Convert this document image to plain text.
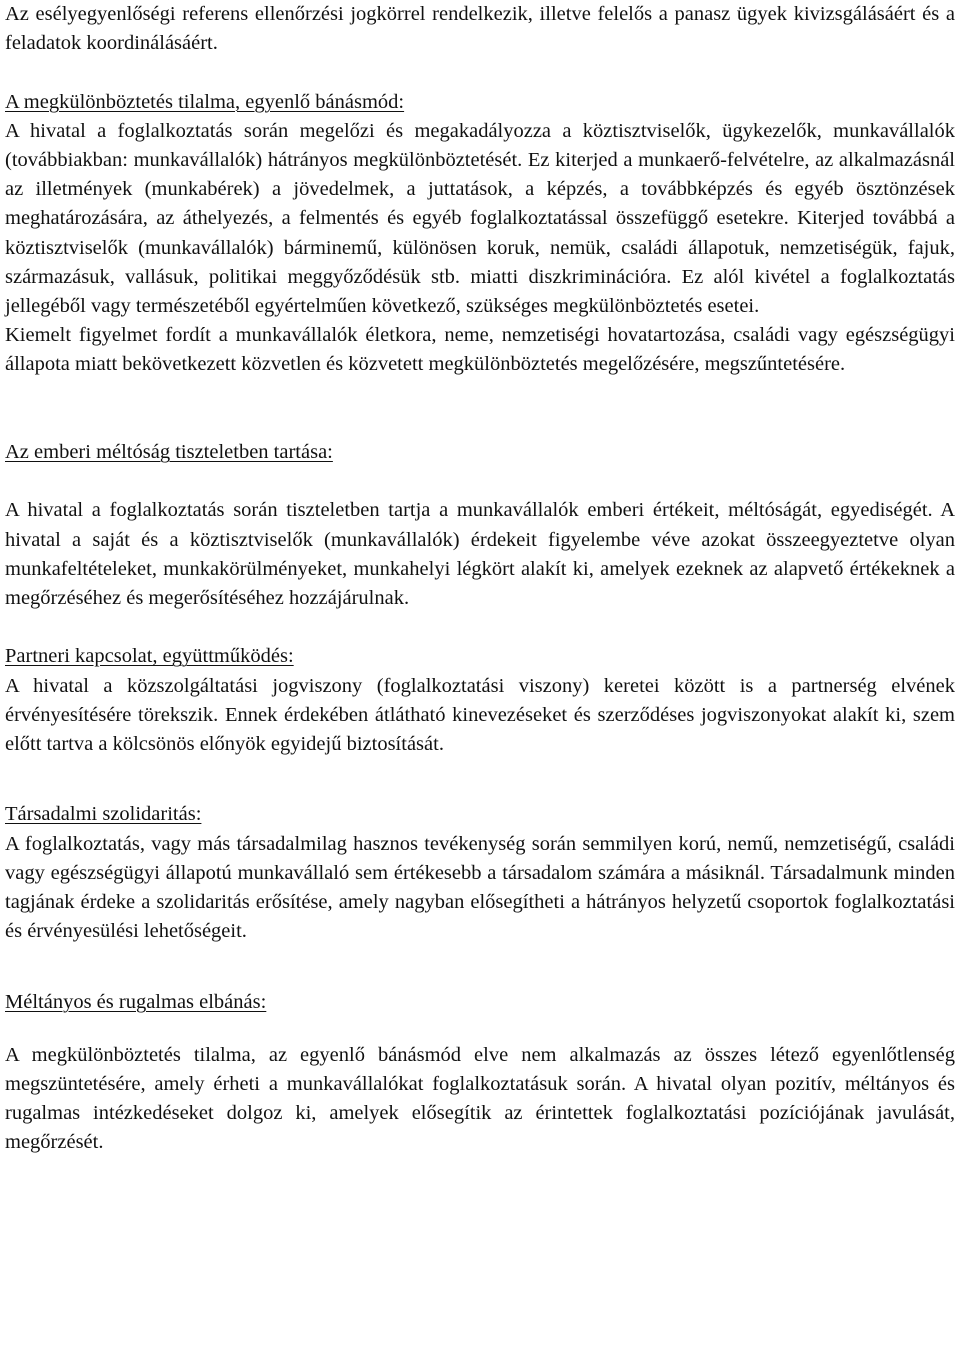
Az esélyegyenlőségi referens ellenőrzési jogkörrel rendelkezik, illetve felelős a panasz ügyek kivizsgálásáért és a feladatok koordinálásáért.

A megkülönböztetés tilalma, egyenlő bánásmód:

A hivatal a foglalkoztatás során megelőzi és megakadályozza a köztisztviselők, ügykezelők, munkavállalók (továbbiakban: munkavállalók) hátrányos megkülönböztetését. Ez kiterjed a munkaerő-felvételre, az alkalmazásnál az illetmények (munkabérek) a jövedelmek, a juttatások, a képzés, a továbbképzés és egyéb ösztönzések meghatározására, az áthelyezés, a felmentés és egyéb foglalkoztatással összefüggő esetekre. Kiterjed továbbá a köztisztviselők (munkavállalók) bárminemű, különösen koruk, nemük, családi állapotuk, nemzetiségük, fajuk, származásuk, vallásuk, politikai meggyőződésük stb. miatti diszkriminációra. Ez alól kivétel a foglalkoztatás jellegéből vagy természetéből egyértelműen következő, szükséges megkülönböztetés esetei.

Kiemelt figyelmet fordít a munkavállalók életkora, neme, nemzetiségi hovatartozása, családi vagy egészségügyi állapota miatt bekövetkezett közvetlen és közvetett megkülönböztetés megelőzésére, megszűntetésére.

Az emberi méltóság tiszteletben tartása:

A hivatal a foglalkoztatás során tiszteletben tartja a munkavállalók emberi értékeit, méltóságát, egyediségét. A hivatal a saját és a köztisztviselők (munkavállalók) érdekeit figyelembe véve azokat összeegyeztetve olyan munkafeltételeket, munkakörülményeket, munkahelyi légkört alakít ki, amelyek ezeknek az alapvető értékeknek a megőrzéséhez és megerősítéséhez hozzájárulnak.

Partneri kapcsolat, együttműködés:

A hivatal a közszolgáltatási jogviszony (foglalkoztatási viszony) keretei között is a partnerség elvének érvényesítésére törekszik. Ennek érdekében átlátható kinevezéseket és szerződéses jogviszonyokat alakít ki, szem előtt tartva a kölcsönös előnyök egyidejű biztosítását.

Társadalmi szolidaritás:

A foglalkoztatás, vagy más társadalmilag hasznos tevékenység során semmilyen korú, nemű, nemzetiségű, családi vagy egészségügyi állapotú munkavállaló sem értékesebb a társadalom számára a másiknál. Társadalmunk minden tagjának érdeke a szolidaritás erősítése, amely nagyban elősegítheti a hátrányos helyzetű csoportok foglalkoztatási és érvényesülési lehetőségeit.

Méltányos és rugalmas elbánás:

A megkülönböztetés tilalma, az egyenlő bánásmód elve nem alkalmazás az összes létező egyenlőtlenség megszüntetésére, amely érheti a munkavállalókat foglalkoztatásuk során. A hivatal olyan pozitív, méltányos és rugalmas intézkedéseket dolgoz ki, amelyek elősegítik az érintettek foglalkoztatási pozíciójának javulását, megőrzését.
